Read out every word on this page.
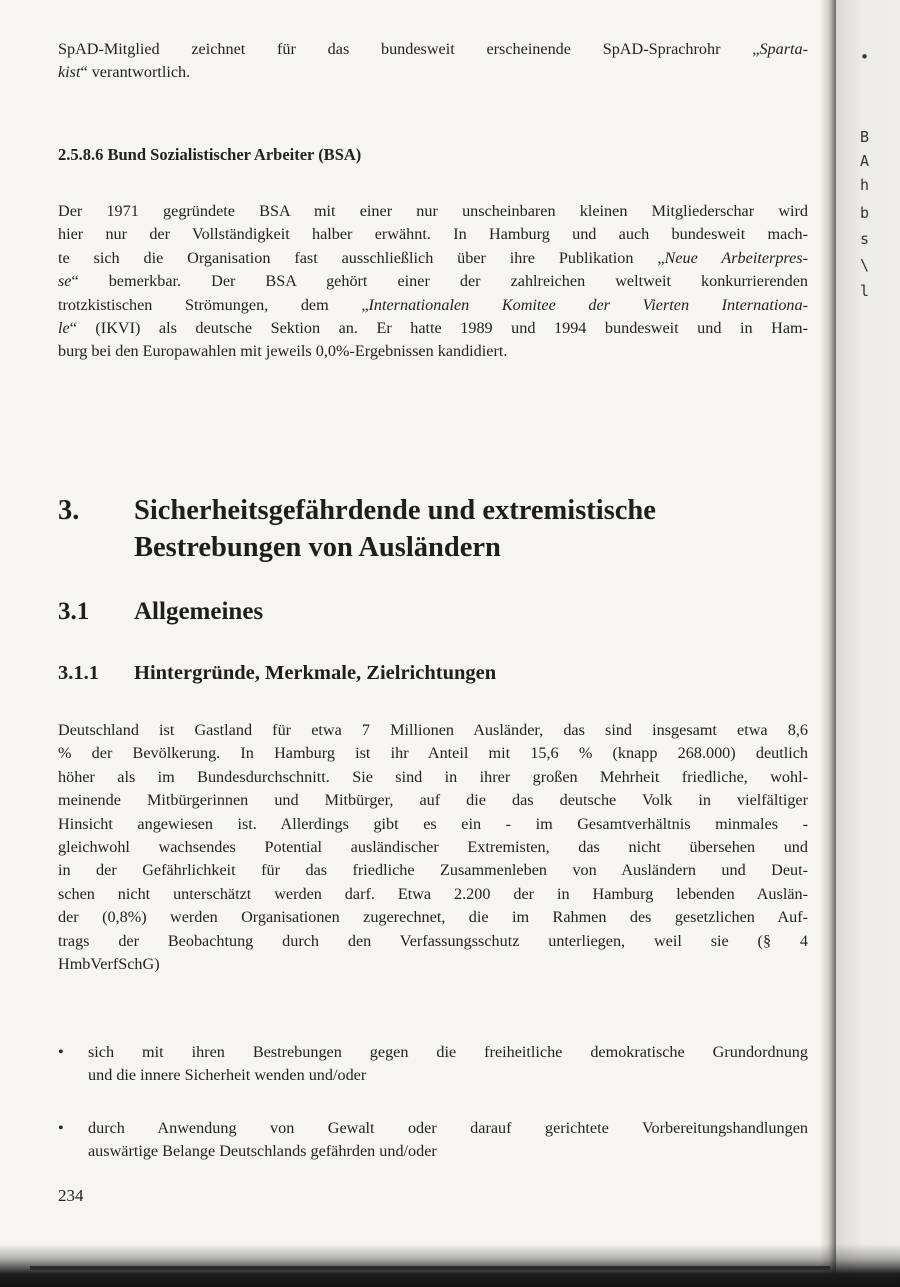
SpAD-Mitglied zeichnet für das bundesweit erscheinende SpAD-Sprachrohr „Sparta-
kist“ verantwortlich.
2.5.8.6 Bund Sozialistischer Arbeiter (BSA)
Der 1971 gegründete BSA mit einer nur unscheinbaren kleinen Mitgliederschar wird
hier nur der Vollständigkeit halber erwähnt. In Hamburg und auch bundesweit mach-
te sich die Organisation fast ausschließlich über ihre Publikation „Neue Arbeiterpres-
se“ bemerkbar. Der BSA gehört einer der zahlreichen weltweit konkurrierenden
trotzkistischen Strömungen, dem „Internationalen Komitee der Vierten Internationa-
le“ (IKVI) als deutsche Sektion an. Er hatte 1989 und 1994 bundesweit und in Ham-
burg bei den Europawahlen mit jeweils 0,0%-Ergebnissen kandidiert.
3. Sicherheitsgefährdende und extremistische
Bestrebungen von Ausländern
3.1 Allgemeines
3.1.1 Hintergründe, Merkmale, Zielrichtungen
Deutschland ist Gastland für etwa 7 Millionen Ausländer, das sind insgesamt etwa 8,6
% der Bevölkerung. In Hamburg ist ihr Anteil mit 15,6 % (knapp 268.000) deutlich
höher als im Bundesdurchschnitt. Sie sind in ihrer großen Mehrheit friedliche, wohl-
meinende Mitbürgerinnen und Mitbürger, auf die das deutsche Volk in vielfältiger
Hinsicht angewiesen ist. Allerdings gibt es ein - im Gesamtverhältnis minmales -
gleichwohl wachsendes Potential ausländischer Extremisten, das nicht übersehen und
in der Gefährlichkeit für das friedliche Zusammenleben von Ausländern und Deut-
schen nicht unterschätzt werden darf. Etwa 2.200 der in Hamburg lebenden Auslän-
der (0,8%) werden Organisationen zugerechnet, die im Rahmen des gesetzlichen Auf-
trags der Beobachtung durch den Verfassungsschutz unterliegen, weil sie (§ 4
HmbVerfSchG)
• sich mit ihren Bestrebungen gegen die freiheitliche demokratische Grundordnung
und die innere Sicherheit wenden und/oder
• durch Anwendung von Gewalt oder darauf gerichtete Vorbereitungshandlungen
auswärtige Belange Deutschlands gefährden und/oder

234

•
B
A
h
b
s
\
l
